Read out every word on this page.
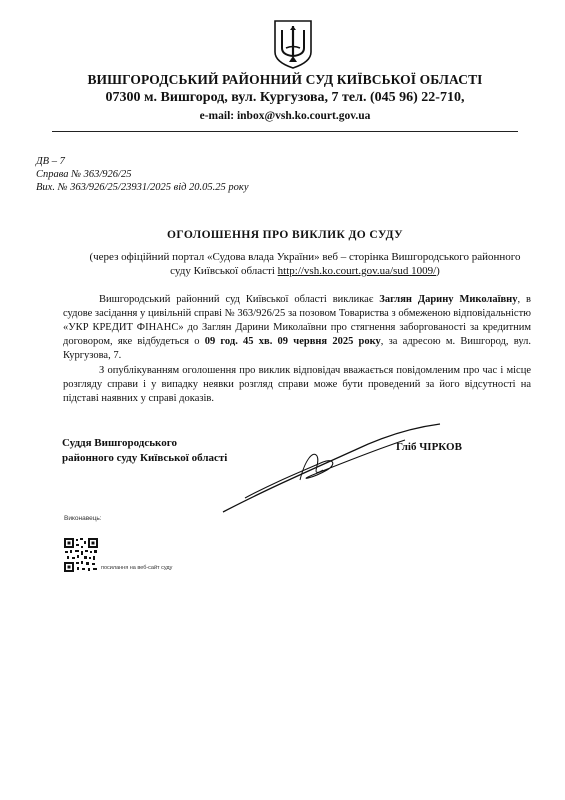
ВИШГОРОДСЬКИЙ РАЙОННИЙ СУД КИЇВСЬКОЇ ОБЛАСТІ
07300 м. Вишгород, вул. Кургузова, 7 тел. (045 96) 22-710,
e-mail: inbox@vsh.ko.court.gov.ua
ДВ – 7
Справа № 363/926/25
Вих. № 363/926/25/23931/2025 від 20.05.25 року
ОГОЛОШЕННЯ ПРО ВИКЛИК ДО СУДУ
(через офіційний портал «Судова влада України» веб – сторінка Вишгородського районного суду Київської області http://vsh.ko.court.gov.ua/sud 1009/)
Вишгородський районний суд Київської області викликає Заглян Дарину Миколаївну, в судове засідання у цивільній справі № 363/926/25 за позовом Товариства з обмеженою відповідальністю «УКР КРЕДИТ ФІНАНС» до Заглян Дарини Миколаївни про стягнення заборгованості за кредитним договором, яке відбудеться о 09 год. 45 хв. 09 червня 2025 року, за адресою м. Вишгород, вул. Кургузова, 7.
З опублікуванням оголошення про виклик відповідач вважається повідомленим про час і місце розгляду справи і у випадку неявки розгляд справи може бути проведений за його відсутності на підставі наявних у справі доказів.
Суддя Вишгородського
районного суду Київської області
Гліб ЧІРКОВ
Виконавець:
посилання на веб-сайт суду
